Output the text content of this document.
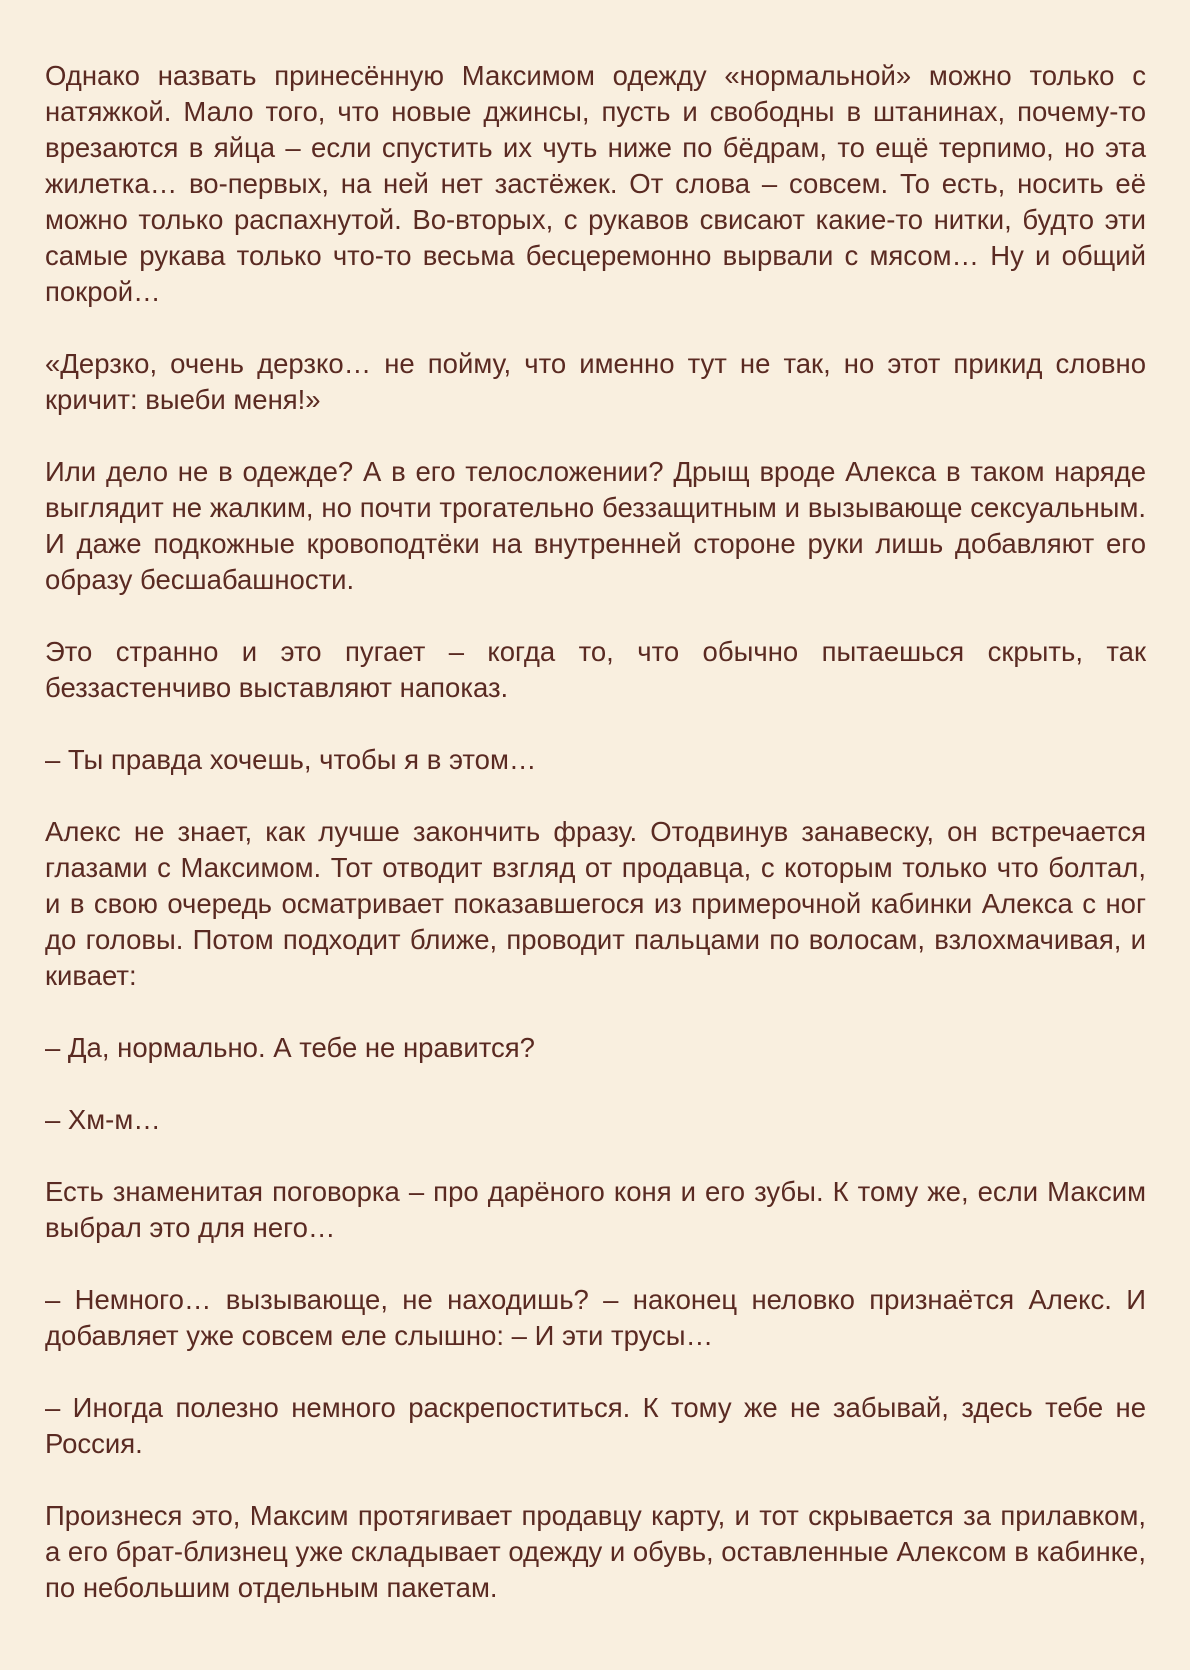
Однако назвать принесённую Максимом одежду «нормальной» можно только с натяжкой. Мало того, что новые джинсы, пусть и свободны в штанинах, почему-то врезаются в яйца – если спустить их чуть ниже по бёдрам, то ещё терпимо, но эта жилетка… во-первых, на ней нет застёжек. От слова – совсем. То есть, носить её можно только распахнутой. Во-вторых, с рукавов свисают какие-то нитки, будто эти самые рукава только что-то весьма бесцеремонно вырвали с мясом… Ну и общий покрой…

«Дерзко, очень дерзко… не пойму, что именно тут не так, но этот прикид словно кричит: выеби меня!»

Или дело не в одежде? А в его телосложении? Дрыщ вроде Алекса в таком наряде выглядит не жалким, но почти трогательно беззащитным и вызывающе сексуальным. И даже подкожные кровоподтёки на внутренней стороне руки лишь добавляют его образу бесшабашности.

Это странно и это пугает – когда то, что обычно пытаешься скрыть, так беззастенчиво выставляют напоказ.

– Ты правда хочешь, чтобы я в этом…

Алекс не знает, как лучше закончить фразу. Отодвинув занавеску, он встречается глазами с Максимом. Тот отводит взгляд от продавца, с которым только что болтал, и в свою очередь осматривает показавшегося из примерочной кабинки Алекса с ног до головы. Потом подходит ближе, проводит пальцами по волосам, взлохмачивая, и кивает:

– Да, нормально. А тебе не нравится?

– Хм-м…

Есть знаменитая поговорка – про дарёного коня и его зубы. К тому же, если Максим выбрал это для него…

– Немного… вызывающе, не находишь? – наконец неловко признаётся Алекс. И добавляет уже совсем еле слышно: – И эти трусы…

– Иногда полезно немного раскрепоститься. К тому же не забывай, здесь тебе не Россия.

Произнеся это, Максим протягивает продавцу карту, и тот скрывается за прилавком, а его брат-близнец уже складывает одежду и обувь, оставленные Алексом в кабинке, по небольшим отдельным пакетам.
